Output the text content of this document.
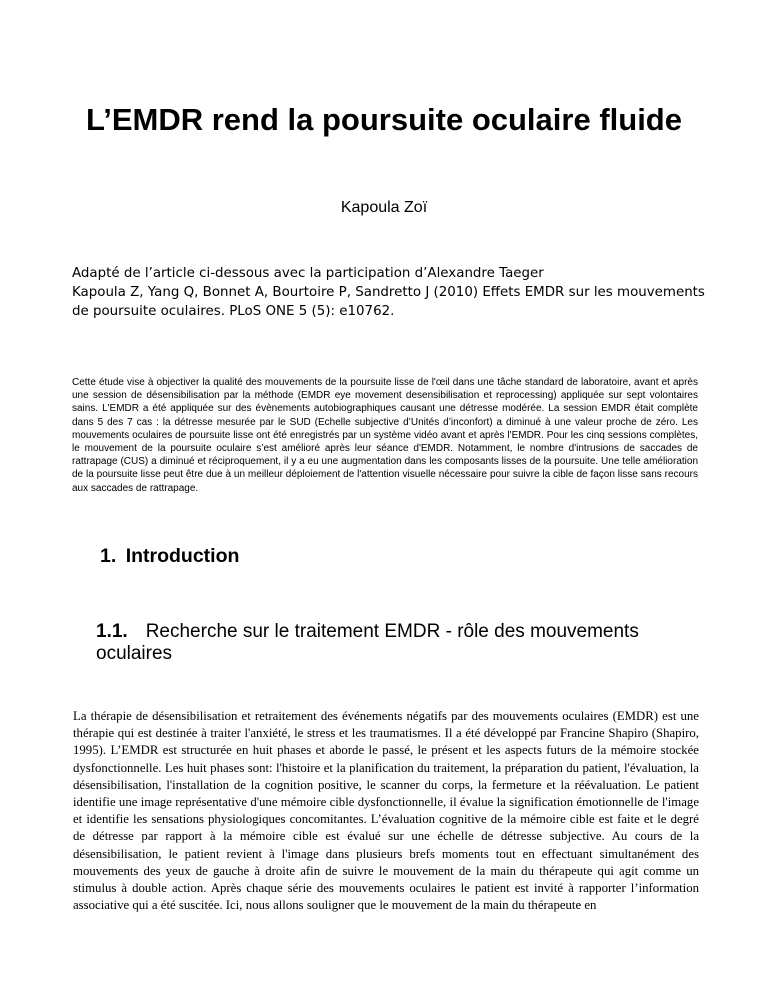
L’EMDR rend la poursuite oculaire fluide
Kapoula Zoï

Adapté de l’article ci-dessous avec la participation d’Alexandre Taeger

Kapoula Z, Yang Q, Bonnet A, Bourtoire P, Sandretto J (2010) Effets EMDR sur les mouvements de poursuite oculaires. PLoS ONE 5 (5): e10762.

Cette étude vise à objectiver la qualité des mouvements de la poursuite lisse de l'œil dans une tâche standard de laboratoire, avant et après une session de désensibilisation par la méthode (EMDR eye movement desensibilisation et reprocessing) appliquée sur sept volontaires sains. L'EMDR a été appliquée sur des évènements autobiographiques causant une détresse modérée. La session EMDR était complète dans 5 des 7 cas : la détresse mesurée par le SUD (Echelle subjective d’Unités d’inconfort) a diminué à une valeur proche de zéro. Les mouvements oculaires de poursuite lisse ont été enregistrés par un système vidéo avant et après l'EMDR. Pour les cinq sessions complètes, le mouvement de la poursuite oculaire s’est amélioré après leur séance d'EMDR. Notamment, le nombre d'intrusions de saccades de rattrapage (CUS) a diminué et réciproquement, il y a eu une augmentation dans les composants lisses de la poursuite. Une telle amélioration de la poursuite lisse peut être due à un meilleur déploiement de l'attention visuelle nécessaire pour suivre la cible de façon lisse sans recours aux saccades de rattrapage.

1. Introduction
1.1. Recherche sur le traitement EMDR - rôle des mouvements
oculaires

La thérapie de désensibilisation et retraitement des événements négatifs par des mouvements oculaires (EMDR) est une thérapie qui est destinée à traiter l'anxiété, le stress et les traumatismes. Il a été développé par Francine Shapiro (Shapiro, 1995). L’EMDR est structurée en huit phases et aborde le passé, le présent et les aspects futurs de la mémoire stockée dysfonctionnelle. Les huit phases sont: l'histoire et la planification du traitement, la préparation du patient, l'évaluation, la désensibilisation, l'installation de la cognition positive, le scanner du corps, la fermeture et la réévaluation. Le patient identifie une image représentative d'une mémoire cible dysfonctionnelle, il évalue la signification émotionnelle de l'image et identifie les sensations physiologiques concomitantes. L’évaluation cognitive de la mémoire cible est faite et le degré de détresse par rapport à la mémoire cible est évalué sur une échelle de détresse subjective. Au cours de la désensibilisation, le patient revient à l'image dans plusieurs brefs moments tout en effectuant simultanément des mouvements des yeux de gauche à droite afin de suivre le mouvement de la main du thérapeute qui agit comme un stimulus à double action. Après chaque série des mouvements oculaires le patient est invité à rapporter l’information associative qui a été suscitée. Ici, nous allons souligner que le mouvement de la main du thérapeute en
